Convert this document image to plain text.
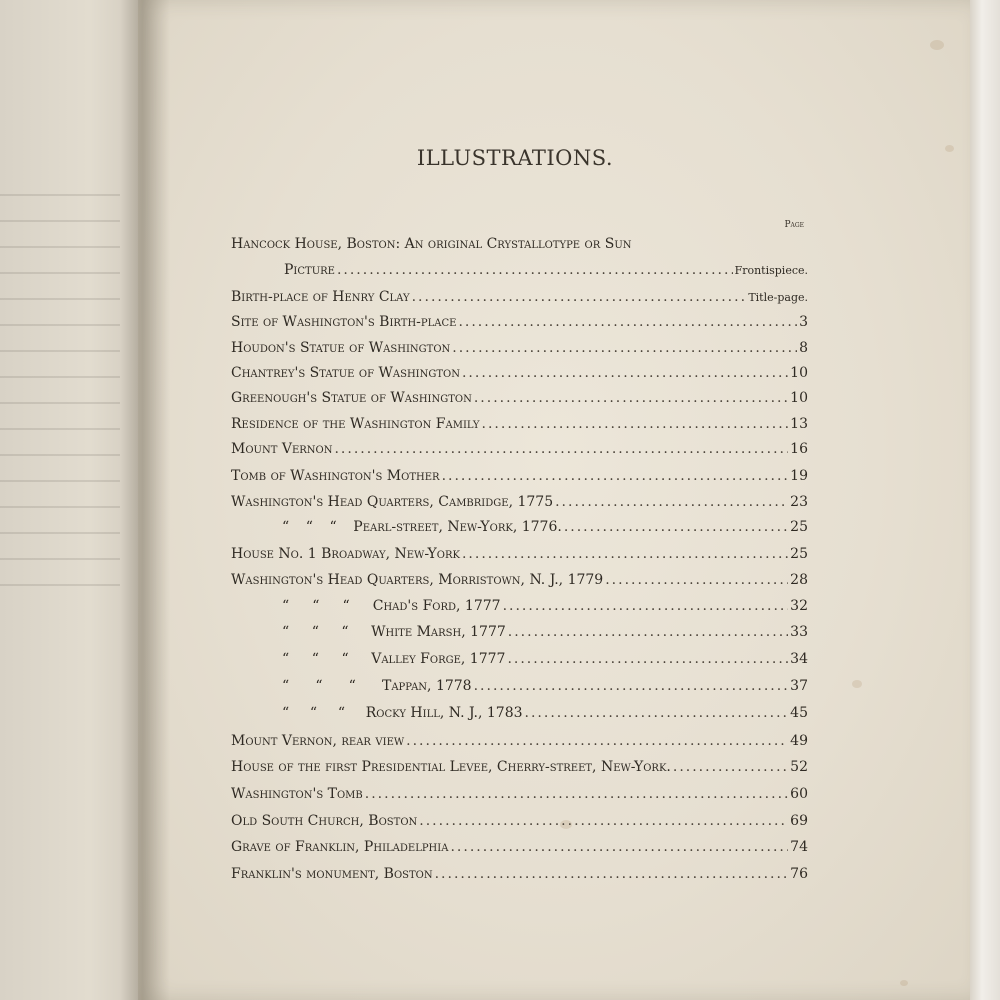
ILLUSTRATIONS.
Page
Hancock House, Boston: An original Crystallotype or Sun
Picture .....	Frontispiece.
Birth-place of Henry Clay .....	Title-page.
Site of Washington's Birth-place .....	3
Houdon's Statue of Washington .....	8
Chantrey's Statue of Washington .....	10
Greenough's Statue of Washington .....	10
Residence of the Washington Family .....	13
Mount Vernon .....	16
Tomb of Washington's Mother .....	19
Washington's Head Quarters, Cambridge, 1775 .....	23
“	“	“	Pearl-street, New-York, 1776. .....	25
House No. 1 Broadway, New-York .....	25
Washington's Head Quarters, Morristown, N. J., 1779 .....	28
“	“	“	Chad's Ford, 1777 .....	32
“	“	“	White Marsh, 1777 .....	33
“	“	“	Valley Forge, 1777 .....	34
“	“	“	Tappan, 1778 .....	37
“	“	“	Rocky Hill, N. J., 1783 .....	45
Mount Vernon, rear view .....	49
House of the first Presidential Levee, Cherry-street, New-York. .....	52
Washington's Tomb .....	60
Old South Church, Boston .....	69
Grave of Franklin, Philadelphia .....	74
Franklin's monument, Boston .....	76
